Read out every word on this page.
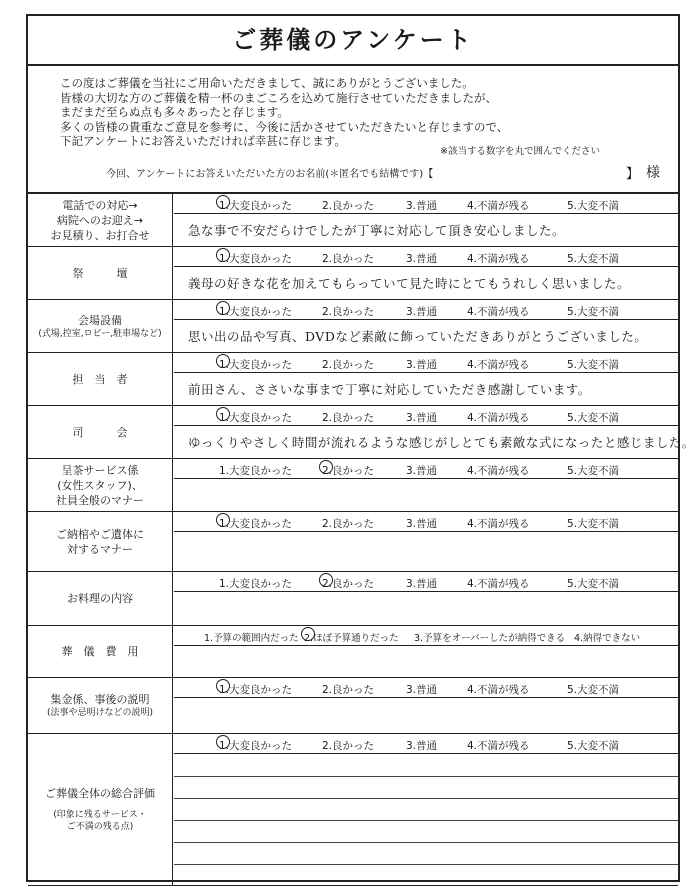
ご葬儀のアンケート
この度はご葬儀を当社にご用命いただきまして、誠にありがとうございました。
皆様の大切な方のご葬儀を精一杯のまごころを込めて施行させていただきましたが、
まだまだ至らぬ点も多々あったと存じます。
多くの皆様の貴重なご意見を参考に、今後に活かさせていただきたいと存じますので、
下記アンケートにお答えいただければ幸甚に存じます。
※該当する数字を丸で囲んでください
今回、アンケートにお答えいただいた方のお名前(＊匿名でも結構です)【	】 様
電話での対応→
病院へのお迎え→
お見積り、お打合せ
1.大変良かった	2.良かった	3.普通	4.不満が残る	5.大変不満
急な事で不安だらけでしたが丁寧に対応して頂き安心しました。
祭　　　壇
1.大変良かった	2.良かった	3.普通	4.不満が残る	5.大変不満
義母の好きな花を加えてもらっていて見た時にとてもうれしく思いました。
会場設備
(式場,控室,ロビー,駐車場など)
1.大変良かった	2.良かった	3.普通	4.不満が残る	5.大変不満
思い出の品や写真、DVDなど素敵に飾っていただきありがとうございました。
担　当　者
1.大変良かった	2.良かった	3.普通	4.不満が残る	5.大変不満
前田さん、ささいな事まで丁寧に対応していただき感謝しています。
司　　　会
1.大変良かった	2.良かった	3.普通	4.不満が残る	5.大変不満
ゆっくりやさしく時間が流れるような感じがしとても素敵な式になったと感じました。
呈茶サービス係
(女性スタッフ)、
社員全般のマナー
1.大変良かった	2.良かった	3.普通	4.不満が残る	5.大変不満
ご納棺やご遺体に
対するマナー
1.大変良かった	2.良かった	3.普通	4.不満が残る	5.大変不満
お料理の内容
1.大変良かった	2.良かった	3.普通	4.不満が残る	5.大変不満
葬　儀　費　用
1.予算の範囲内だった 2.ほぼ予算通りだった 3.予算をオーバーしたが納得できる 4.納得できない
集金係、事後の説明
(法事や忌明けなどの説明)
1.大変良かった	2.良かった	3.普通	4.不満が残る	5.大変不満
ご葬儀全体の総合評価
(印象に残るサービス・
ご不満の残る点)
1.大変良かった	2.良かった	3.普通	4.不満が残る	5.大変不満
